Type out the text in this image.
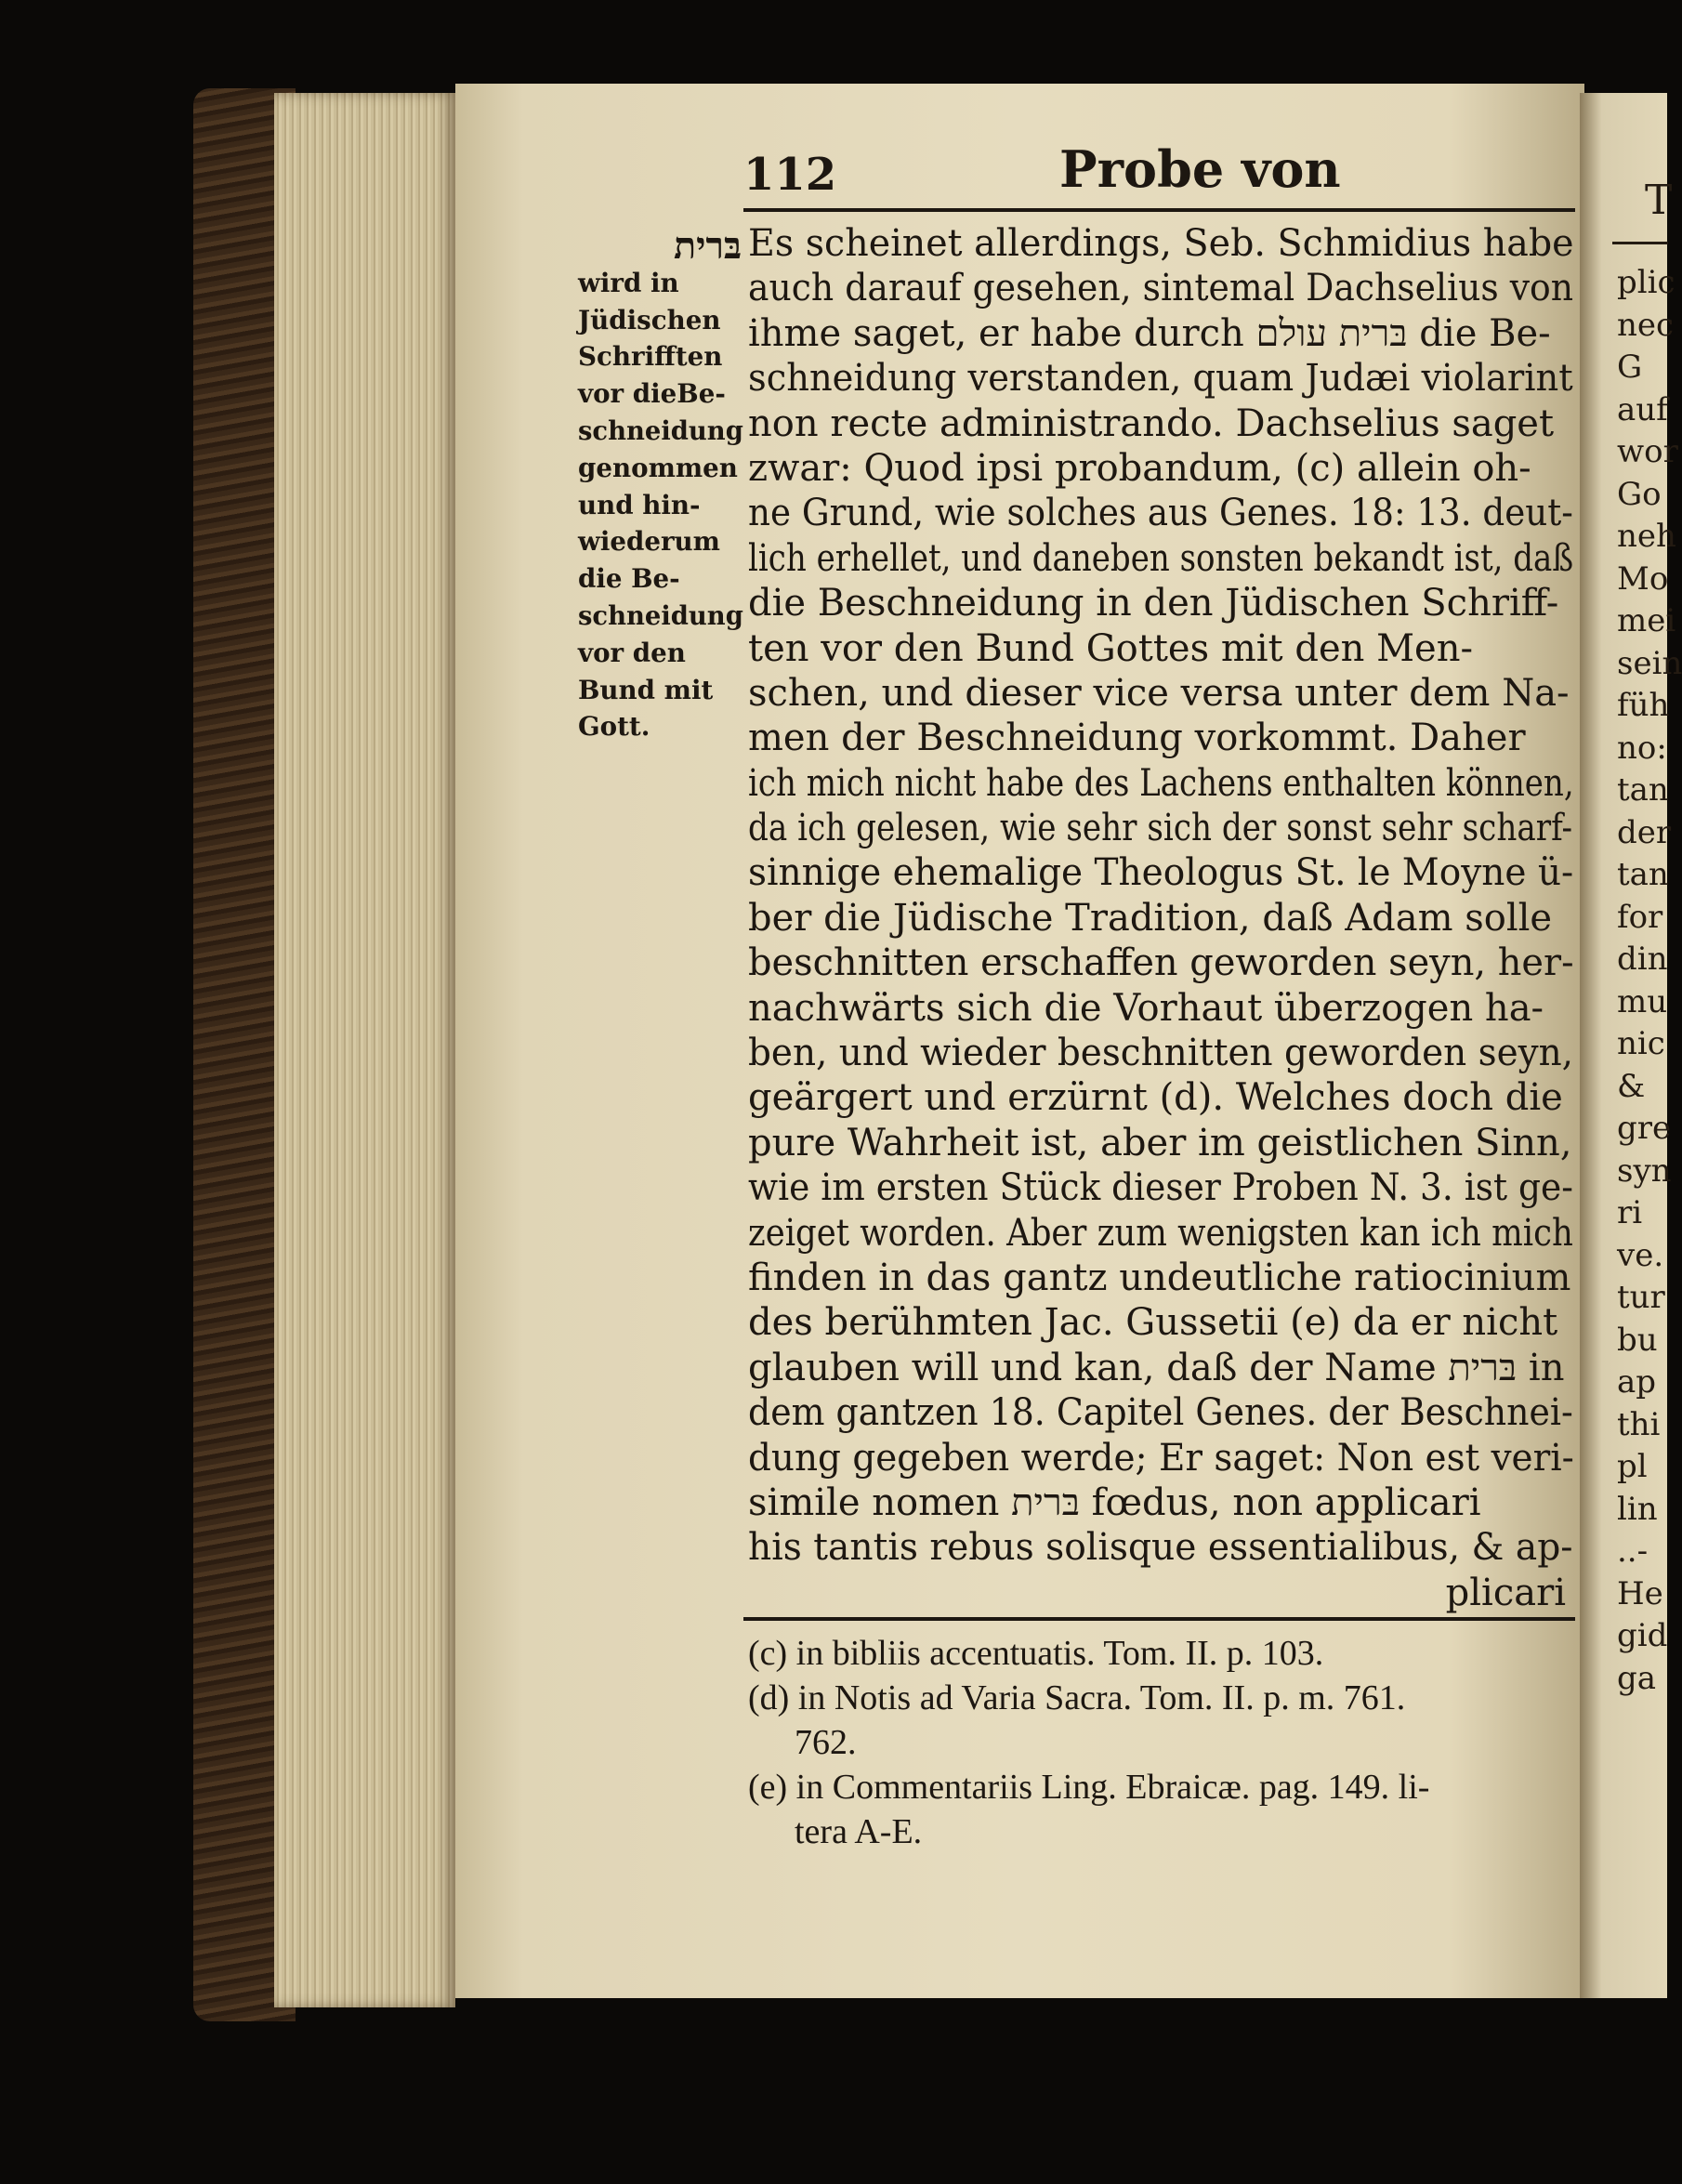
112	Probe von
בּרית
wird in
Jüdischen
Schrifften
vor dieBe-
schneidung
genommen
und hin-
wiederum
die Be-
schneidung
vor den
Bund mit
Gott.
Es scheinet allerdings, Seb. Schmidius habe
auch darauf gesehen, sintemal Dachselius von
ihme saget, er habe durch בּרית עולם die Be-
schneidung verstanden, quam Judæi violarint
non recte administrando. Dachselius saget
zwar: Quod ipsi probandum, (c) allein oh-
ne Grund, wie solches aus Genes. 18: 13. deut-
lich erhellet, und daneben sonsten bekandt ist, daß
die Beschneidung in den Jüdischen Schriff-
ten vor den Bund Gottes mit den Men-
schen, und dieser vice versa unter dem Na-
men der Beschneidung vorkommt. Daher
ich mich nicht habe des Lachens enthalten können,
da ich gelesen, wie sehr sich der sonst sehr scharf-
sinnige ehemalige Theologus St. le Moyne ü-
ber die Jüdische Tradition, daß Adam solle
beschnitten erschaffen geworden seyn, her-
nachwärts sich die Vorhaut überzogen ha-
ben, und wieder beschnitten geworden seyn,
geärgert und erzürnt (d). Welches doch die
pure Wahrheit ist, aber im geistlichen Sinn,
wie im ersten Stück dieser Proben N. 3. ist ge-
zeiget worden. Aber zum wenigsten kan ich mich
finden in das gantz undeutliche ratiocinium
des berühmten Jac. Gussetii (e) da er nicht
glauben will und kan, daß der Name בּרית in
dem gantzen 18. Capitel Genes. der Beschnei-
dung gegeben werde; Er saget: Non est veri-
simile nomen בּרית fœdus, non applicari
his tantis rebus solisque essentialibus, & ap-
plicari
(c) in bibliis accentuatis. Tom. II. p. 103.
(d) in Notis ad Varia Sacra. Tom. II. p. m. 761.
762.
(e) in Commentariis Ling. Ebraicæ. pag. 149. li-
tera A-E.
T
plic
nec
G
auf
wor
Go
neh
Mo
mei
sein
füh
no:
tan
der
tan
for
din
mu
nic
&
gre
syn
ri
ve.
tur
bu
ap
thi
pl
lin
..-
He
gid
ga
